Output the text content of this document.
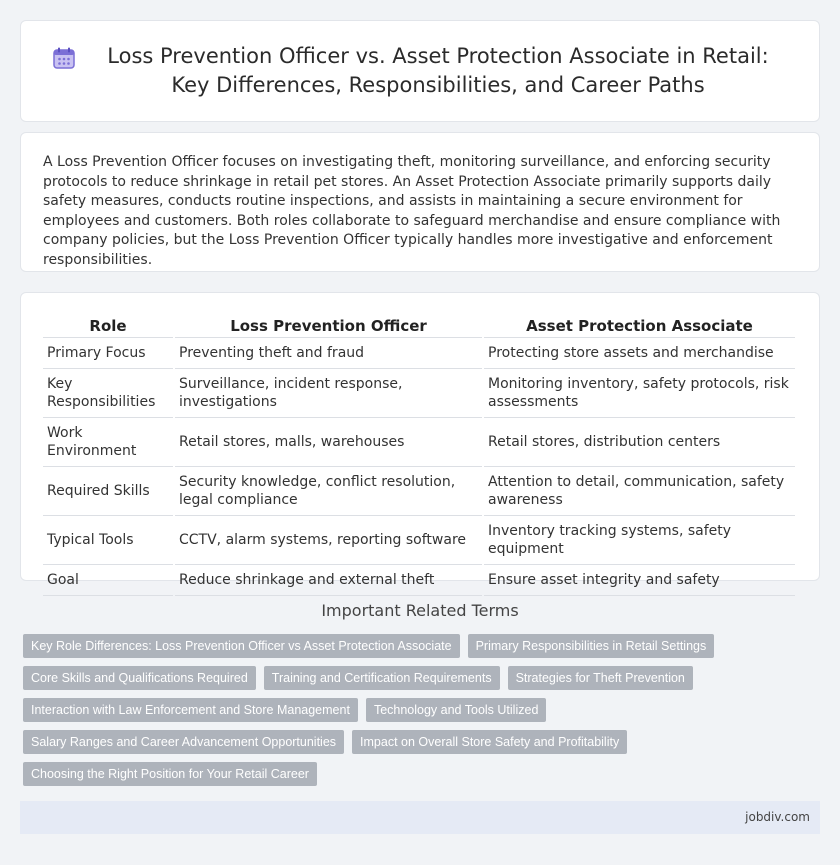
Loss Prevention Officer vs. Asset Protection Associate in Retail: Key Differences, Responsibilities, and Career Paths

A Loss Prevention Officer focuses on investigating theft, monitoring surveillance, and enforcing security protocols to reduce shrinkage in retail pet stores. An Asset Protection Associate primarily supports daily safety measures, conducts routine inspections, and assists in maintaining a secure environment for employees and customers. Both roles collaborate to safeguard merchandise and ensure compliance with company policies, but the Loss Prevention Officer typically handles more investigative and enforcement responsibilities.

Role	Loss Prevention Officer	Asset Protection Associate
Primary Focus	Preventing theft and fraud	Protecting store assets and merchandise
Key Responsibilities	Surveillance, incident response, investigations	Monitoring inventory, safety protocols, risk assessments
Work Environment	Retail stores, malls, warehouses	Retail stores, distribution centers
Required Skills	Security knowledge, conflict resolution, legal compliance	Attention to detail, communication, safety awareness
Typical Tools	CCTV, alarm systems, reporting software	Inventory tracking systems, safety equipment
Goal	Reduce shrinkage and external theft	Ensure asset integrity and safety
Important Related Terms
Key Role Differences: Loss Prevention Officer vs Asset Protection Associate	Primary Responsibilities in Retail Settings
Core Skills and Qualifications Required	Training and Certification Requirements	Strategies for Theft Prevention
Interaction with Law Enforcement and Store Management	Technology and Tools Utilized
Salary Ranges and Career Advancement Opportunities	Impact on Overall Store Safety and Profitability
Choosing the Right Position for Your Retail Career
jobdiv.com
